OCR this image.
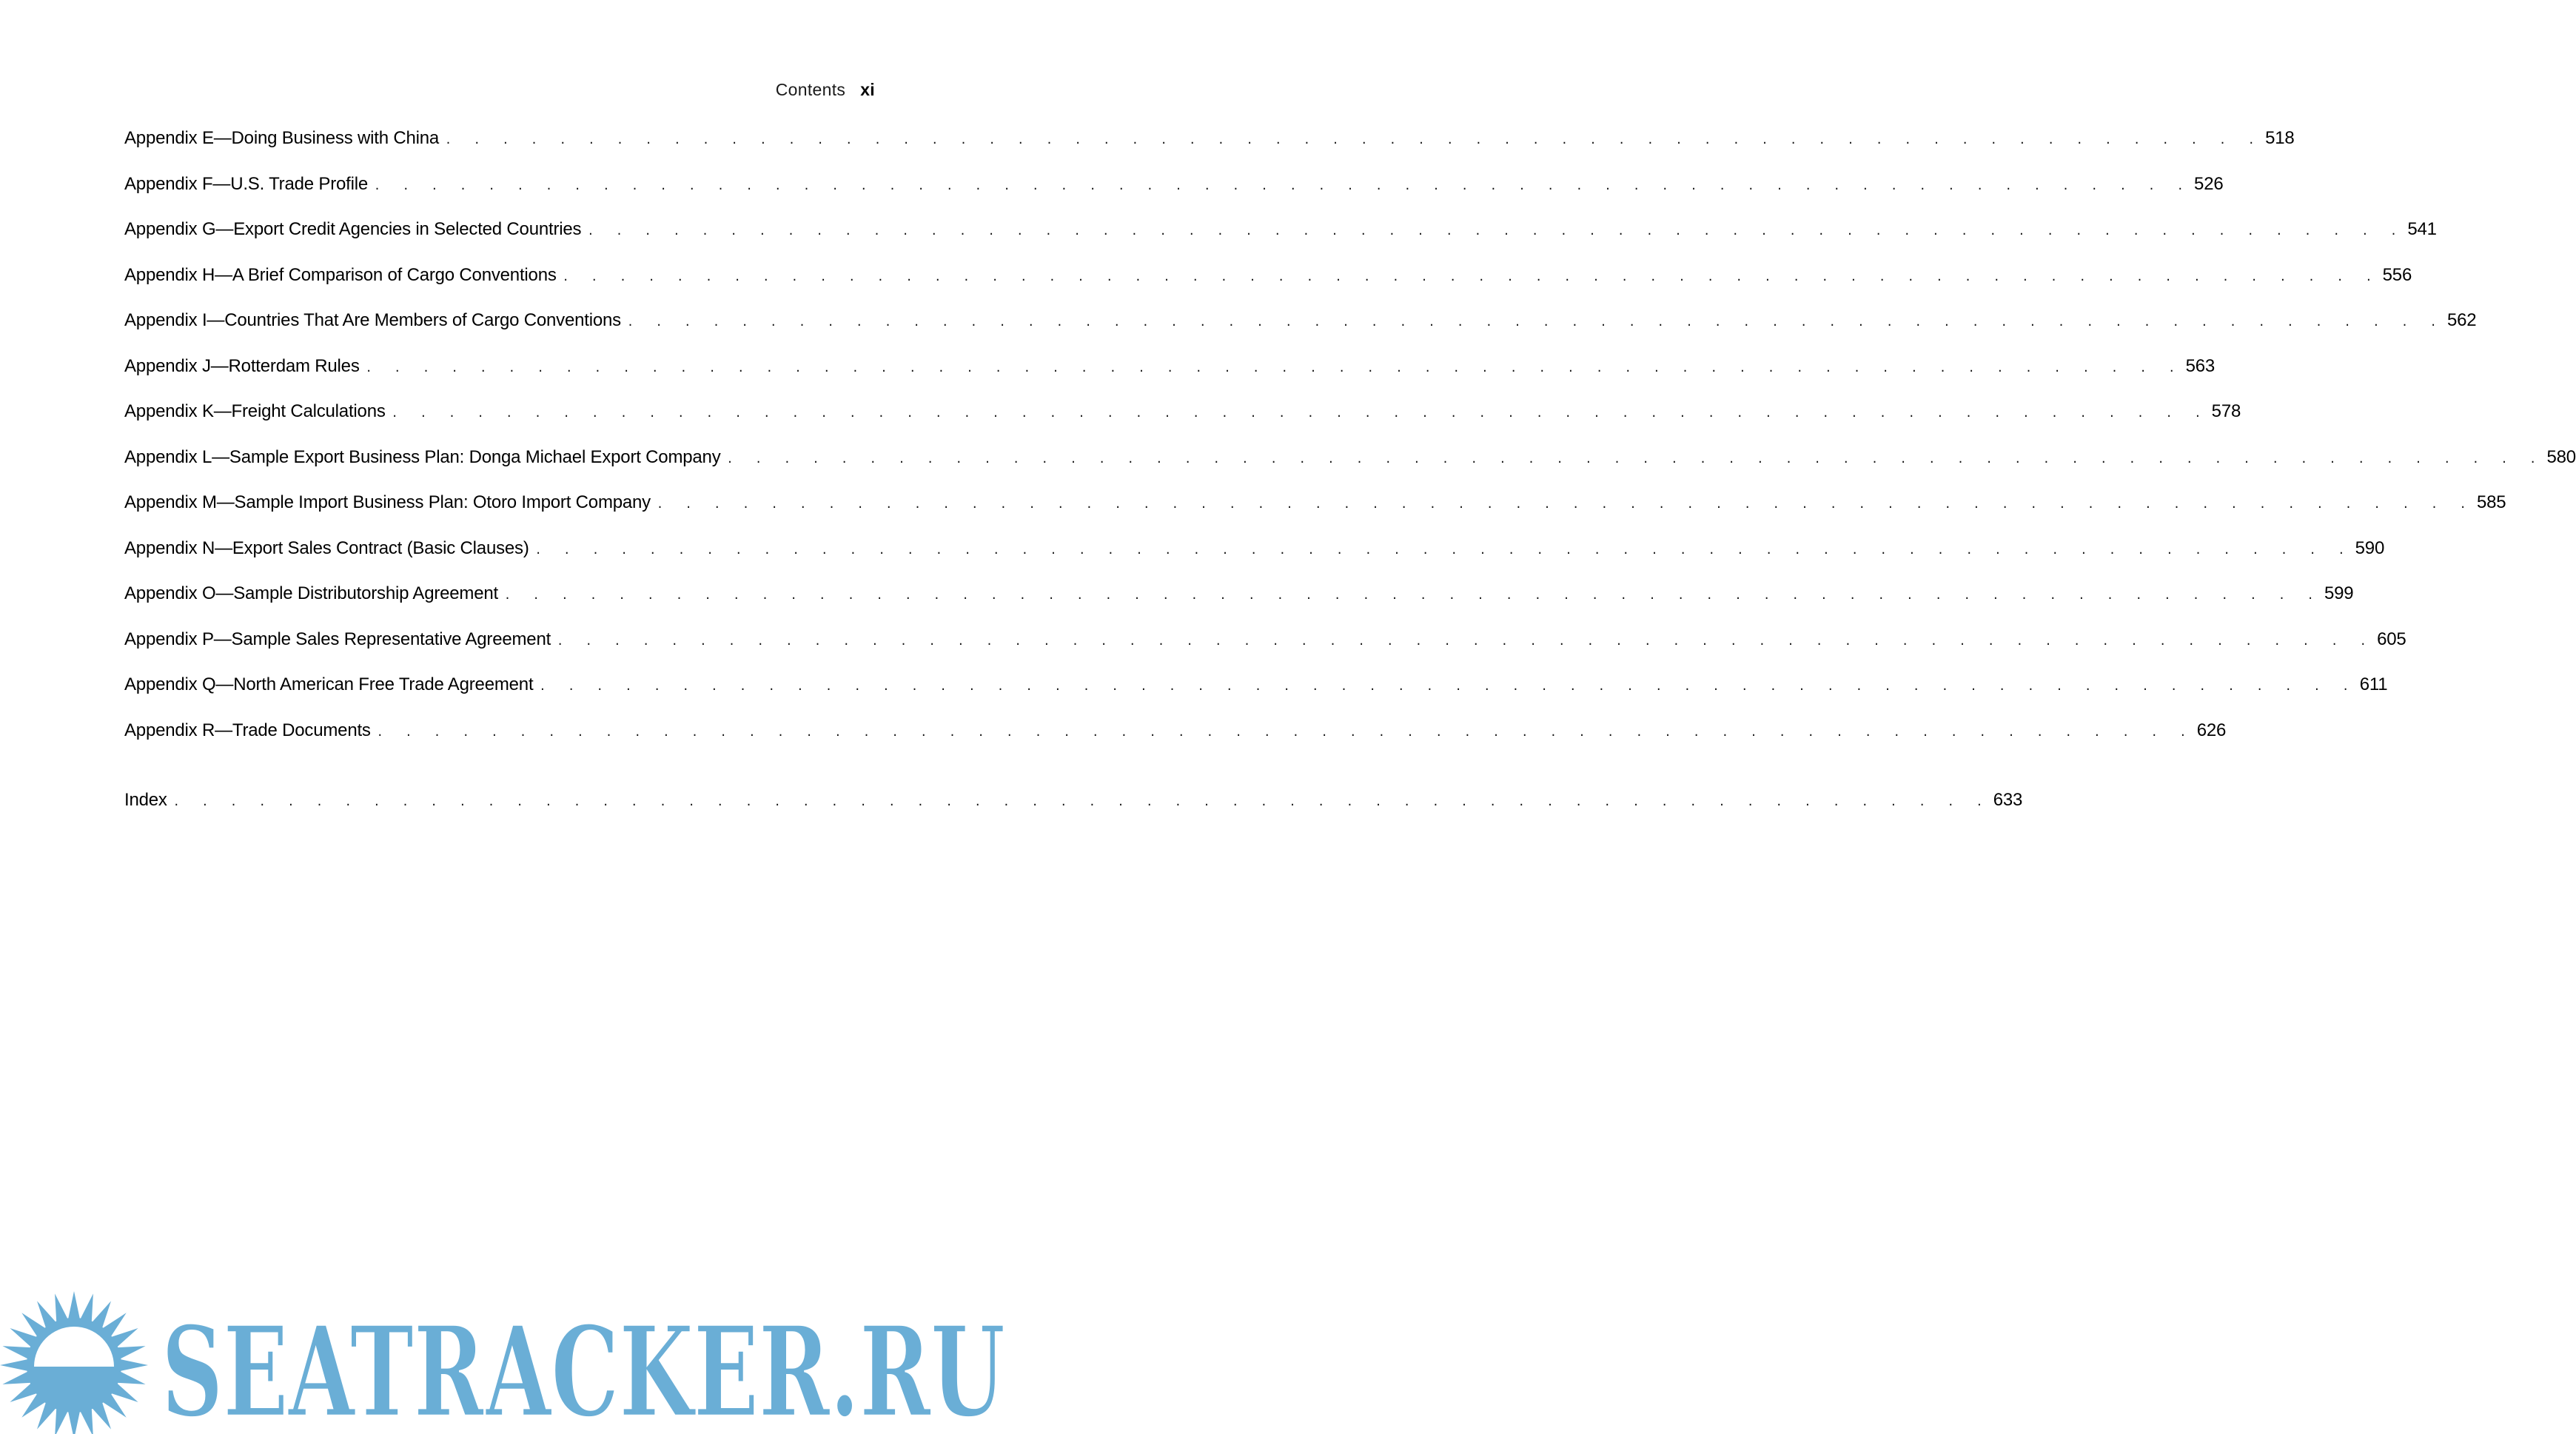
Contents xi
Appendix E—Doing Business with China . . . . . . . . . . . . . . . . . . . . . . . . . . . . . . . . . . . . . . . . . . . . . . . . . . . . . . . . . . . . . . . . 518
Appendix F—U.S. Trade Profile . . . . . . . . . . . . . . . . . . . . . . . . . . . . . . . . . . . . . . . . . . . . . . . . . . . . . . . . . . . . . . . . 526
Appendix G—Export Credit Agencies in Selected Countries . . . . . . . . . . . . . . . . . . . . . . . . . . . . . . . . . . . . . . . . . . . . . . . . . . . . . . . . . . . . . . . . 541
Appendix H—A Brief Comparison of Cargo Conventions . . . . . . . . . . . . . . . . . . . . . . . . . . . . . . . . . . . . . . . . . . . . . . . . . . . . . . . . . . . . . . . . 556
Appendix I—Countries That Are Members of Cargo Conventions . . . . . . . . . . . . . . . . . . . . . . . . . . . . . . . . . . . . . . . . . . . . . . . . . . . . . . . . . . . . . . . . 562
Appendix J—Rotterdam Rules . . . . . . . . . . . . . . . . . . . . . . . . . . . . . . . . . . . . . . . . . . . . . . . . . . . . . . . . . . . . . . . . 563
Appendix K—Freight Calculations . . . . . . . . . . . . . . . . . . . . . . . . . . . . . . . . . . . . . . . . . . . . . . . . . . . . . . . . . . . . . . . . 578
Appendix L—Sample Export Business Plan: Donga Michael Export Company . . . . . . . . . . . . . . . . . . . . . . . . . . . . . . . . . . . . . . . . . . . . . . . . . . . . . . . . . . . . . . . . 580
Appendix M—Sample Import Business Plan: Otoro Import Company . . . . . . . . . . . . . . . . . . . . . . . . . . . . . . . . . . . . . . . . . . . . . . . . . . . . . . . . . . . . . . . . 585
Appendix N—Export Sales Contract (Basic Clauses) . . . . . . . . . . . . . . . . . . . . . . . . . . . . . . . . . . . . . . . . . . . . . . . . . . . . . . . . . . . . . . . . 590
Appendix O—Sample Distributorship Agreement . . . . . . . . . . . . . . . . . . . . . . . . . . . . . . . . . . . . . . . . . . . . . . . . . . . . . . . . . . . . . . . . 599
Appendix P—Sample Sales Representative Agreement . . . . . . . . . . . . . . . . . . . . . . . . . . . . . . . . . . . . . . . . . . . . . . . . . . . . . . . . . . . . . . . . 605
Appendix Q—North American Free Trade Agreement . . . . . . . . . . . . . . . . . . . . . . . . . . . . . . . . . . . . . . . . . . . . . . . . . . . . . . . . . . . . . . . . 611
Appendix R—Trade Documents . . . . . . . . . . . . . . . . . . . . . . . . . . . . . . . . . . . . . . . . . . . . . . . . . . . . . . . . . . . . . . . . 626
Index . . . . . . . . . . . . . . . . . . . . . . . . . . . . . . . . . . . . . . . . . . . . . . . . . . . . . . . . . . . . . . . . 633
SEATRACKER.RU
